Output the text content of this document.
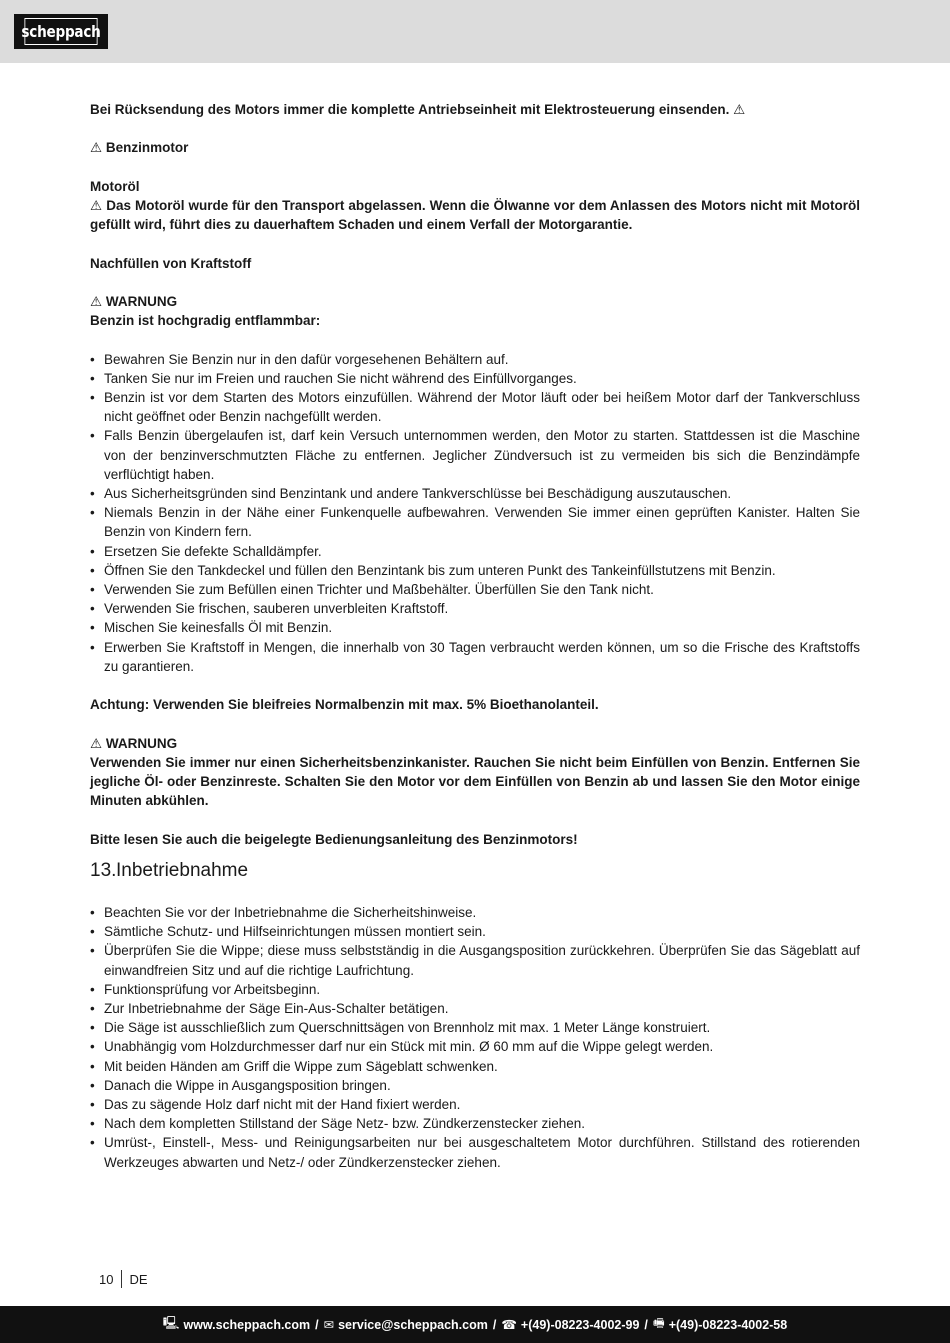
scheppach

Bei Rücksendung des Motors immer die komplette Antriebseinheit mit Elektrosteuerung einsenden. ⚠

⚠ Benzinmotor

Motoröl

⚠ Das Motoröl wurde für den Transport abgelassen. Wenn die Ölwanne vor dem Anlassen des Motors nicht mit Motoröl gefüllt wird, führt dies zu dauerhaftem Schaden und einem Verfall der Motorgarantie.

Nachfüllen von Kraftstoff

⚠ WARNUNG

Benzin ist hochgradig entflammbar:

• Bewahren Sie Benzin nur in den dafür vorgesehenen Behältern auf.
• Tanken Sie nur im Freien und rauchen Sie nicht während des Einfüllvorganges.
• Benzin ist vor dem Starten des Motors einzufüllen. Während der Motor läuft oder bei heißem Motor darf der Tankverschluss nicht geöffnet oder Benzin nachgefüllt werden.
• Falls Benzin übergelaufen ist, darf kein Versuch unternommen werden, den Motor zu starten. Stattdessen ist die Maschine von der benzinverschmutzten Fläche zu entfernen. Jeglicher Zündversuch ist zu vermeiden bis sich die Benzindämpfe verflüchtigt haben.
• Aus Sicherheitsgründen sind Benzintank und andere Tankverschlüsse bei Beschädigung auszutauschen.
• Niemals Benzin in der Nähe einer Funkenquelle aufbewahren. Verwenden Sie immer einen geprüften Kanister. Halten Sie Benzin von Kindern fern.
• Ersetzen Sie defekte Schalldämpfer.
• Öffnen Sie den Tankdeckel und füllen den Benzintank bis zum unteren Punkt des Tankeinfüllstutzens mit Benzin.
• Verwenden Sie zum Befüllen einen Trichter und Maßbehälter. Überfüllen Sie den Tank nicht.
• Verwenden Sie frischen, sauberen unverbleiten Kraftstoff.
• Mischen Sie keinesfalls Öl mit Benzin.
• Erwerben Sie Kraftstoff in Mengen, die innerhalb von 30 Tagen verbraucht werden können, um so die Frische des Kraftstoffs zu garantieren.

Achtung: Verwenden Sie bleifreies Normalbenzin mit max. 5% Bioethanolanteil.

⚠ WARNUNG

Verwenden Sie immer nur einen Sicherheitsbenzinkanister. Rauchen Sie nicht beim Einfüllen von Benzin. Entfernen Sie jegliche Öl- oder Benzinreste. Schalten Sie den Motor vor dem Einfüllen von Benzin ab und lassen Sie den Motor einige Minuten abkühlen.

Bitte lesen Sie auch die beigelegte Bedienungsanleitung des Benzinmotors!

13.Inbetriebnahme
• Beachten Sie vor der Inbetriebnahme die Sicherheitshinweise.
• Sämtliche Schutz- und Hilfseinrichtungen müssen montiert sein.
• Überprüfen Sie die Wippe; diese muss selbstständig in die Ausgangsposition zurückkehren. Überprüfen Sie das Sägeblatt auf einwandfreien Sitz und auf die richtige Laufrichtung.
• Funktionsprüfung vor Arbeitsbeginn.
• Zur Inbetriebnahme der Säge Ein-Aus-Schalter betätigen.
• Die Säge ist ausschließlich zum Querschnittsägen von Brennholz mit max. 1 Meter Länge konstruiert.
• Unabhängig vom Holzdurchmesser darf nur ein Stück mit min. Ø 60 mm auf die Wippe gelegt werden.
• Mit beiden Händen am Griff die Wippe zum Sägeblatt schwenken.
• Danach die Wippe in Ausgangsposition bringen.
• Das zu sägende Holz darf nicht mit der Hand fixiert werden.
• Nach dem kompletten Stillstand der Säge Netz- bzw. Zündkerzenstecker ziehen.
• Umrüst-, Einstell-, Mess- und Reinigungsarbeiten nur bei ausgeschaltetem Motor durchführen. Stillstand des rotierenden Werkzeuges abwarten und Netz-/ oder Zündkerzenstecker ziehen.
10 DE
🖳 www.scheppach.com / ✉ service@scheppach.com / ☎ +(49)-08223-4002-99 / 🖷 +(49)-08223-4002-58
